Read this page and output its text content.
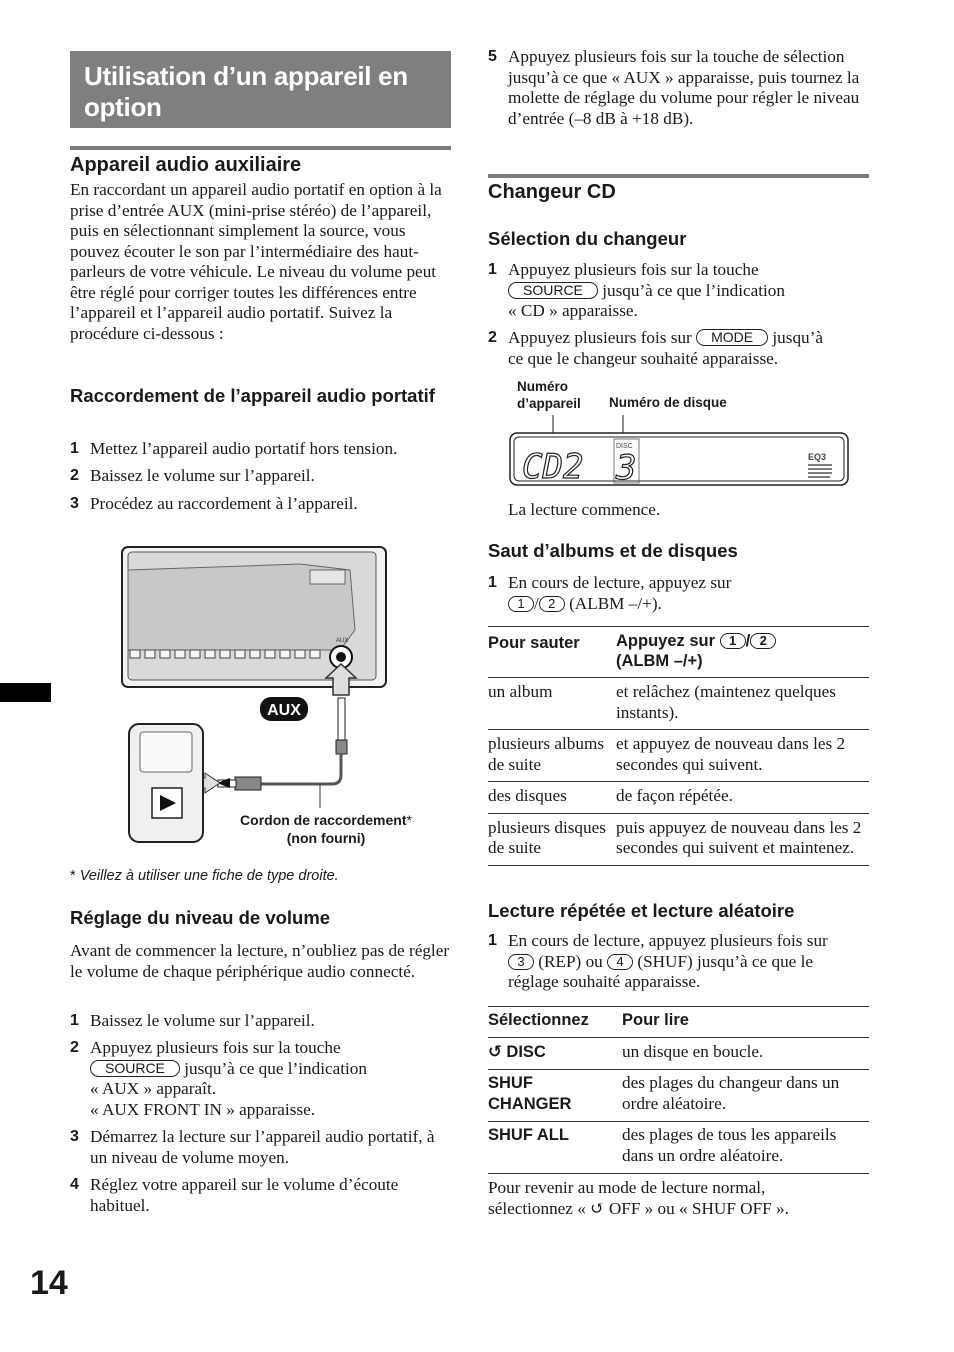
Utilisation d’un appareil en option
Appareil audio auxiliaire

En raccordant un appareil audio portatif en option à la prise d’entrée AUX (mini-prise stéréo) de l’appareil, puis en sélectionnant simplement la source, vous pouvez écouter le son par l’intermédiaire des haut-parleurs de votre véhicule. Le niveau du volume peut être réglé pour corriger toutes les différences entre l’appareil et l’appareil audio portatif. Suivez la procédure ci-dessous :

Raccordement de l’appareil audio portatif
1 Mettez l’appareil audio portatif hors tension.
2 Baissez le volume sur l’appareil.
3 Procédez au raccordement à l’appareil.
AUX
AUX
Cordon de raccordement*
(non fourni)
* Veillez à utiliser une fiche de type droite.
Réglage du niveau de volume

Avant de commencer la lecture, n’oubliez pas de régler le volume de chaque périphérique audio connecté.

1 Baissez le volume sur l’appareil.
2 Appuyez plusieurs fois sur la touche
SOURCE jusqu’à ce que l’indication
« AUX » apparaît.
« AUX FRONT IN » apparaisse.
3 Démarrez la lecture sur l’appareil audio portatif, à un niveau de volume moyen.
4 Réglez votre appareil sur le volume d’écoute habituel.
5 Appuyez plusieurs fois sur la touche de sélection jusqu’à ce que « AUX » apparaisse, puis tournez la molette de réglage du volume pour régler le niveau d’entrée (–8 dB à +18 dB).
Changeur CD
Sélection du changeur
1 Appuyez plusieurs fois sur la touche
SOURCE jusqu’à ce que l’indication
« CD » apparaisse.
2 Appuyez plusieurs fois sur MODE jusqu’à
ce que le changeur souhaité apparaisse.
Numéro
d’appareil Numéro de disque
DISC
CD2 3	EQ3

La lecture commence.

Saut d’albums et de disques
1 En cours de lecture, appuyez sur
1 / 2 (ALBM –/+).
Pour sauter	Appuyez sur 1 / 2
(ALBM –/+)
un album	et relâchez (maintenez quelques instants).
plusieurs albums de suite	et appuyez de nouveau dans les 2 secondes qui suivent.
des disques	de façon répétée.
plusieurs disques de suite	puis appuyez de nouveau dans les 2 secondes qui suivent et maintenez.
Lecture répétée et lecture aléatoire
1 En cours de lecture, appuyez plusieurs fois sur
3 (REP) ou 4 (SHUF) jusqu’à ce que le
réglage souhaité apparaisse.
Sélectionnez	Pour lire
↺ DISC	un disque en boucle.
SHUF CHANGER	des plages du changeur dans un ordre aléatoire.
SHUF ALL	des plages de tous les appareils dans un ordre aléatoire.

Pour revenir au mode de lecture normal,
sélectionnez « ↺ OFF » ou « SHUF OFF ».

14
